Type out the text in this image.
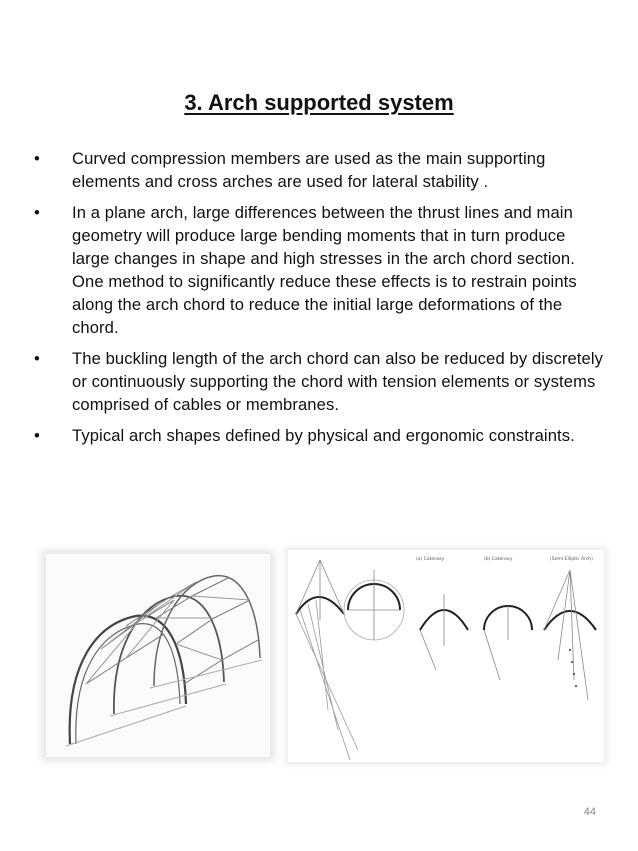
3. Arch supported system
• Curved compression members are used as the main supporting elements and cross arches are used for lateral stability .
• In a plane arch, large differences between the thrust lines and main geometry will produce large bending moments that in turn produce large changes in shape and high stresses in the arch chord section. One method to significantly reduce these effects is to restrain points along the arch chord to reduce the initial large deformations of the chord.
• The buckling length of the arch chord can also be reduced by discretely or continuously supporting the chord with tension elements or systems comprised of cables or membranes.
• Typical arch shapes defined by physical and ergonomic constraints.
(a) Catenary	(b) Catenary	(Semi-Elliptic Arch)
44
